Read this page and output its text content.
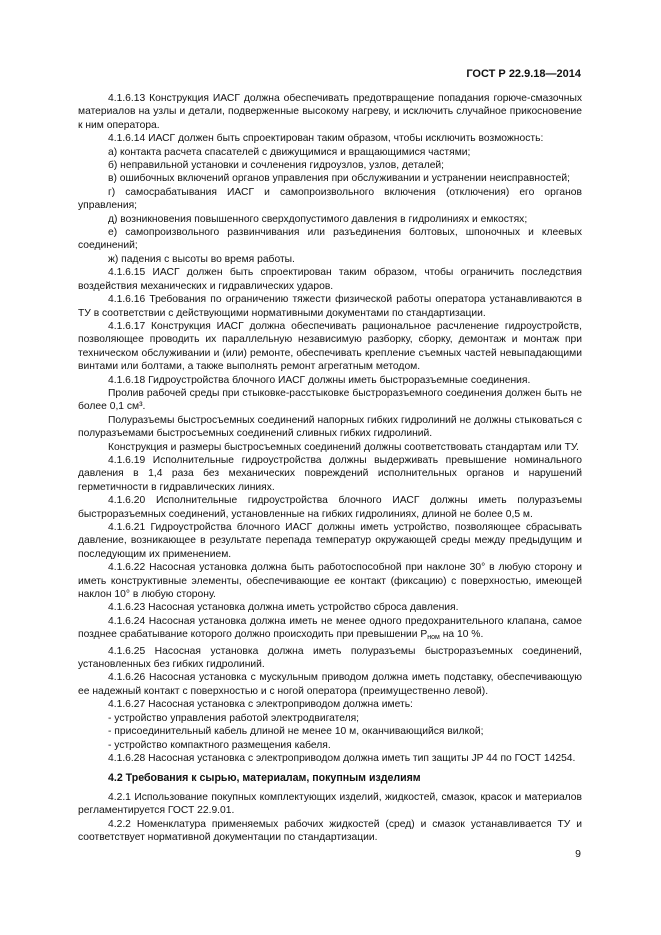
ГОСТ Р 22.9.18—2014

4.1.6.13 Конструкция ИАСГ должна обеспечивать предотвращение попадания горюче-смазочных материалов на узлы и детали, подверженные высокому нагреву, и исключить случайное прикосновение к ним оператора.

4.1.6.14 ИАСГ должен быть спроектирован таким образом, чтобы исключить возможность:

а) контакта расчета спасателей с движущимися и вращающимися частями;

б) неправильной установки и сочленения гидроузлов, узлов, деталей;

в) ошибочных включений органов управления при обслуживании и устранении неисправностей;

г) самосрабатывания ИАСГ и самопроизвольного включения (отключения) его органов управления;

д) возникновения повышенного сверхдопустимого давления в гидролиниях и емкостях;

е) самопроизвольного развинчивания или разъединения болтовых, шпоночных и клеевых соединений;

ж) падения с высоты во время работы.

4.1.6.15 ИАСГ должен быть спроектирован таким образом, чтобы ограничить последствия воздействия механических и гидравлических ударов.

4.1.6.16 Требования по ограничению тяжести физической работы оператора устанавливаются в ТУ в соответствии с действующими нормативными документами по стандартизации.

4.1.6.17 Конструкция ИАСГ должна обеспечивать рациональное расчленение гидроустройств, позволяющее проводить их параллельную независимую разборку, сборку, демонтаж и монтаж при техническом обслуживании и (или) ремонте, обеспечивать крепление съемных частей невыпадающими винтами или болтами, а также выполнять ремонт агрегатным методом.

4.1.6.18 Гидроустройства блочного ИАСГ должны иметь быстроразъемные соединения.

Пролив рабочей среды при стыковке-расстыковке быстроразъемного соединения должен быть не более 0,1 см³.

Полуразъемы быстросъемных соединений напорных гибких гидролиний не должны стыковаться с полуразъемами быстросъемных соединений сливных гибких гидролиний.

Конструкция и размеры быстросъемных соединений должны соответствовать стандартам или ТУ.

4.1.6.19 Исполнительные гидроустройства должны выдерживать превышение номинального давления в 1,4 раза без механических повреждений исполнительных органов и нарушений герметичности в гидравлических линиях.

4.1.6.20 Исполнительные гидроустройства блочного ИАСГ должны иметь полуразъемы быстроразъемных соединений, установленные на гибких гидролиниях, длиной не более 0,5 м.

4.1.6.21 Гидроустройства блочного ИАСГ должны иметь устройство, позволяющее сбрасывать давление, возникающее в результате перепада температур окружающей среды между предыдущим и последующим их применением.

4.1.6.22 Насосная установка должна быть работоспособной при наклоне 30° в любую сторону и иметь конструктивные элементы, обеспечивающие ее контакт (фиксацию) с поверхностью, имеющей наклон 10° в любую сторону.

4.1.6.23 Насосная установка должна иметь устройство сброса давления.

4.1.6.24 Насосная установка должна иметь не менее одного предохранительного клапана, самое позднее срабатывание которого должно происходить при превышении $P_{ном}$ на 10 %.

4.1.6.25 Насосная установка должна иметь полуразъемы быстроразъемных соединений, установленных без гибких гидролиний.

4.1.6.26 Насосная установка с мускульным приводом должна иметь подставку, обеспечивающую ее надежный контакт с поверхностью и с ногой оператора (преимущественно левой).

4.1.6.27 Насосная установка с электроприводом должна иметь:

- устройство управления работой электродвигателя;

- присоединительный кабель длиной не менее 10 м, оканчивающийся вилкой;

- устройство компактного размещения кабеля.

4.1.6.28 Насосная установка с электроприводом должна иметь тип защиты JP 44 по ГОСТ 14254.

4.2 Требования к сырью, материалам, покупным изделиям

4.2.1 Использование покупных комплектующих изделий, жидкостей, смазок, красок и материалов регламентируется ГОСТ 22.9.01.

4.2.2 Номенклатура применяемых рабочих жидкостей (сред) и смазок устанавливается ТУ и соответствует нормативной документации по стандартизации.

9
